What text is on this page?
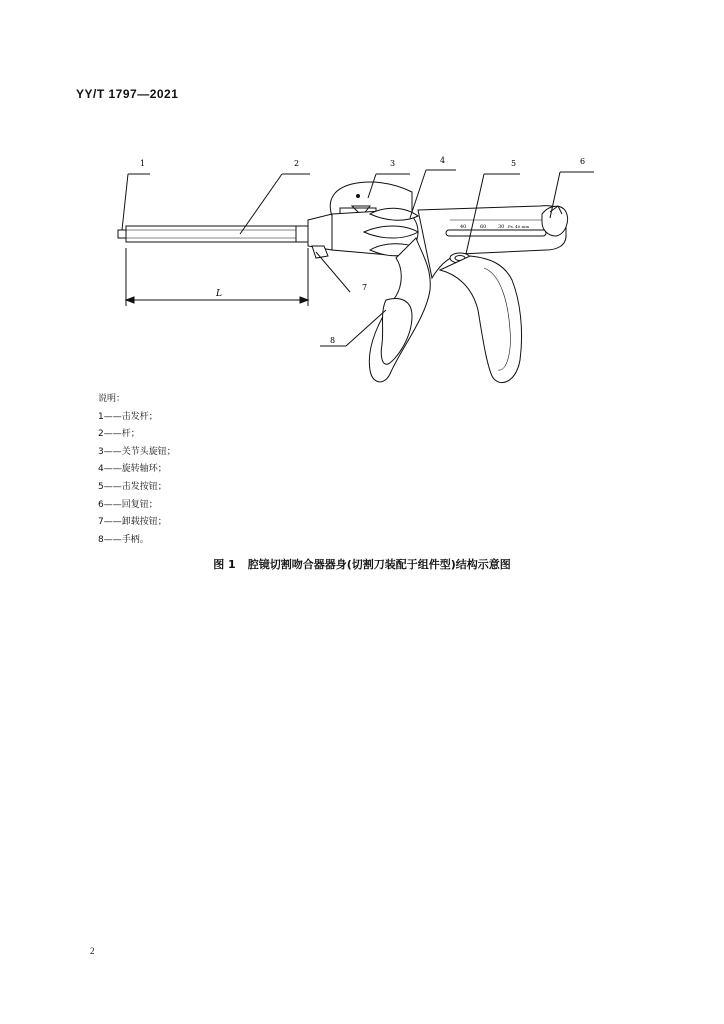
YY/T 1797—2021
1	2	3	4	5	6
7
8
L
40	60 30 Ps. 40 mm
说明：
1——击发杆；
2——杆；
3——关节头旋钮；
4——旋转轴环；
5——击发按钮；
6——回复钮；
7——卸载按钮；
8——手柄。
图 1 腔镜切割吻合器器身(切割刀装配于组件型)结构示意图
2
